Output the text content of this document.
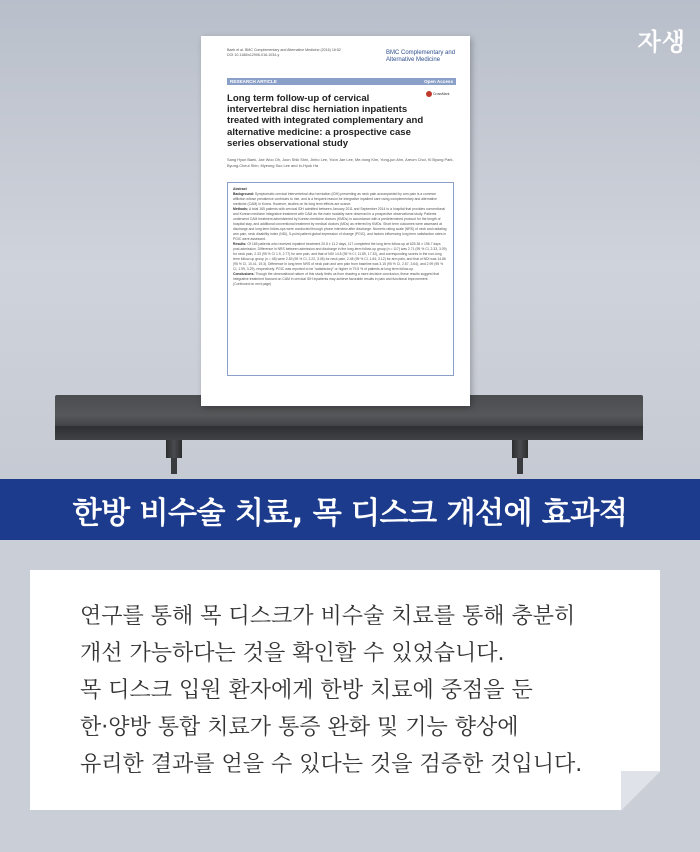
자생
Baek et al. BMC Complementary and Alternative Medicine (2016) 16:52
DOI 10.1186/s12906-016-1034-y	BMC Complementary and
Alternative Medicine
RESEARCH ARTICLE	Open Access
CrossMark
Long term follow-up of cervical intervertebral disc herniation inpatients treated with integrated complementary and alternative medicine: a prospective case series observational study
Sang Hyun Baek, Jae Woo Oh, Joon Shik Shin, Jinho Lee, Yoon Jae Lee, Me-riong Kim, Yong-jun Ahn, Areum Choi, Ki Byung Park, Byung-Cheul Shin, Myeong Soo Lee and In-Hyuk Ha
Abstract
Background: Symptomatic cervical intervertebral disc herniation (IDH) presenting as neck pain accompanied by arm pain is a common affliction whose prevalence continues to rise, and is a frequent reason for integrative inpatient care using complementary and alternative medicine (CAM) in Korea. However, studies on its long term effects are scarce.
Methods: A total 165 patients with cervical IDH admitted between January 2011 and September 2014 to a hospital that provides conventional and Korean medicine integrative treatment with CAM as the main modality were observed in a prospective observational study. Patients underwent CAM treatment administered by Korean medicine doctors (KMDs) in accordance with a predetermined protocol for the length of hospital stay, and additional conventional treatment by medical doctors (MDs) as referred by KMDs. Short term outcomes were assessed at discharge and long term follow-ups were conducted through phone interview after discharge. Numeric rating scale (NRS) of neck and radiating arm pain, neck disability index (NDI), 5-point patient global impression of change (PGIC), and factors influencing long term satisfaction rates in PGIC were assessed.
Results: Of 165 patients who received inpatient treatment 20.8 ± 11.2 days, 117 completed the long term follow-up at 625.36 ± 196.7 days post-admission. Difference in NRS between admission and discharge in the long-term follow-up group (n = 117) was 2.71 (95 % CI, 2.33, 3.09) for neck pain, 2.33 (95 % CI 1.9, 2.77) for arm pain, and that of NDI 14.8 (95 % CI, 11.89, 17.32), and corresponding scores in the non-long term follow-up group (n = 48) were 2.83 (95 % CI, 2.22, 3.45) for neck pain, 2.48 (95 % CI, 1.84, 3.12) for arm pain, and that of NDI was 14.86 (95 % CI, 10.41, 19.3). Difference in long term NRS of neck pain and arm pain from baseline was 3.15 (95 % CI, 2.67, 3.64), and 2.99 (95 % CI, 1.99, 3.29), respectively. PGIC was reported to be "satisfactory" or higher in 79.5 % of patients at long term follow-up.
Conclusions: Though the observational nature of this study limits us from drawing a more decisive conclusion, these results suggest that integrative treatment focused on CAM in cervical IDH inpatients may achieve favorable results in pain and functional improvement.
(Continued on next page)
한방 비수술 치료, 목 디스크 개선에 효과적
연구를 통해 목 디스크가 비수술 치료를 통해 충분히
개선 가능하다는 것을 확인할 수 있었습니다.
목 디스크 입원 환자에게 한방 치료에 중점을 둔
한·양방 통합 치료가 통증 완화 및 기능 향상에
유리한 결과를 얻을 수 있다는 것을 검증한 것입니다.
